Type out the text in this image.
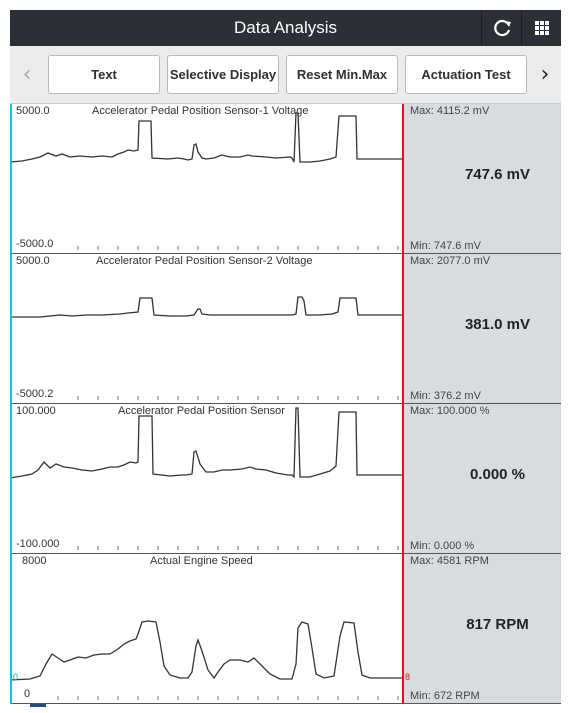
Data Analysis
‹	Text	Selective Display	Reset Min.Max	Actuation Test	›
5000.0
-5000.0
Accelerator Pedal Position Sensor-1 Voltage	Max: 4115.2 mV
747.6 mV
Min: 747.6 mV
5000.0
-5000.2
Accelerator Pedal Position Sensor-2 Voltage	Max: 2077.0 mV
381.0 mV
Min: 376.2 mV
100.000
-100.000
Accelerator Pedal Position Sensor	Max: 100.000 %
0.000 %
Min: 0.000 %
8000
0
Actual Engine Speed	Max: 4581 RPM
817 RPM
Min: 672 RPM
0	8
